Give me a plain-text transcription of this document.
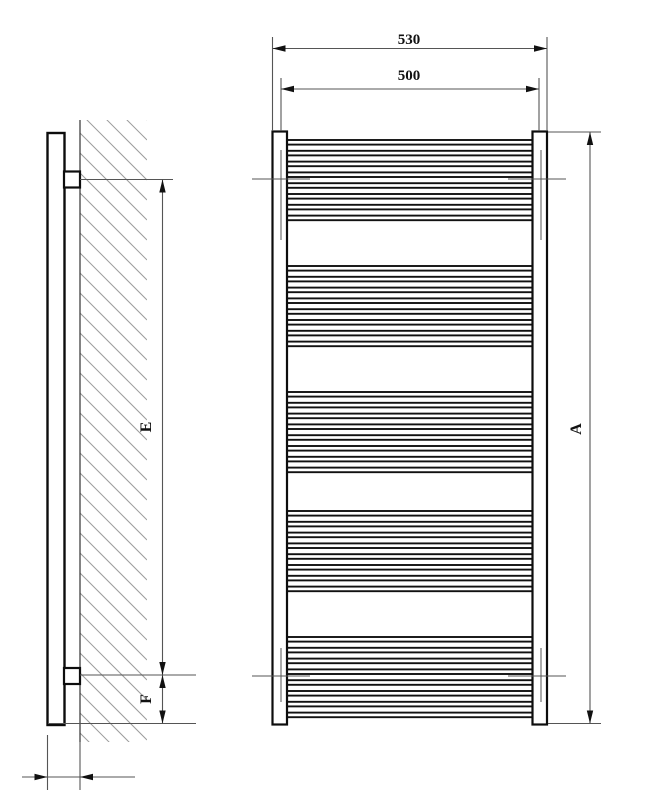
530
500
A
E
F
